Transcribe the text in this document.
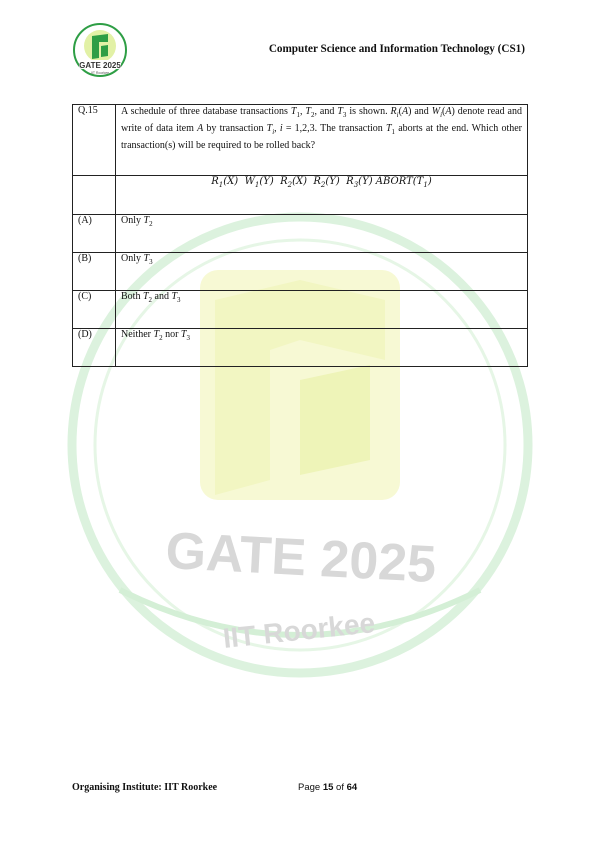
GATE 2025
IIT Roorkee
GATE 2025
IIT Roorkee
Computer Science and Information Technology (CS1)
Q.15	A schedule of three database transactions $T_1$, $T_2$, and $T_3$ is shown. $R_i(A)$ and $W_i(A)$ denote read and write of data item A by transaction $T_i$, i = 1,2,3. The transaction $T_1$ aborts at the end. Which other transaction(s) will be required to be rolled back?

	$R_1(X)$  $W_1(Y)$  $R_2(X)$  $R_2(Y)$  $R_3(Y)$ $ABORT(T_1)$

(A)	Only $T_2$
(B)	Only $T_3$
(C)	Both $T_2$ and $T_3$
(D)	Neither $T_2$ nor $T_3$
Organising Institute: IIT Roorkee	Page 15 of 64
